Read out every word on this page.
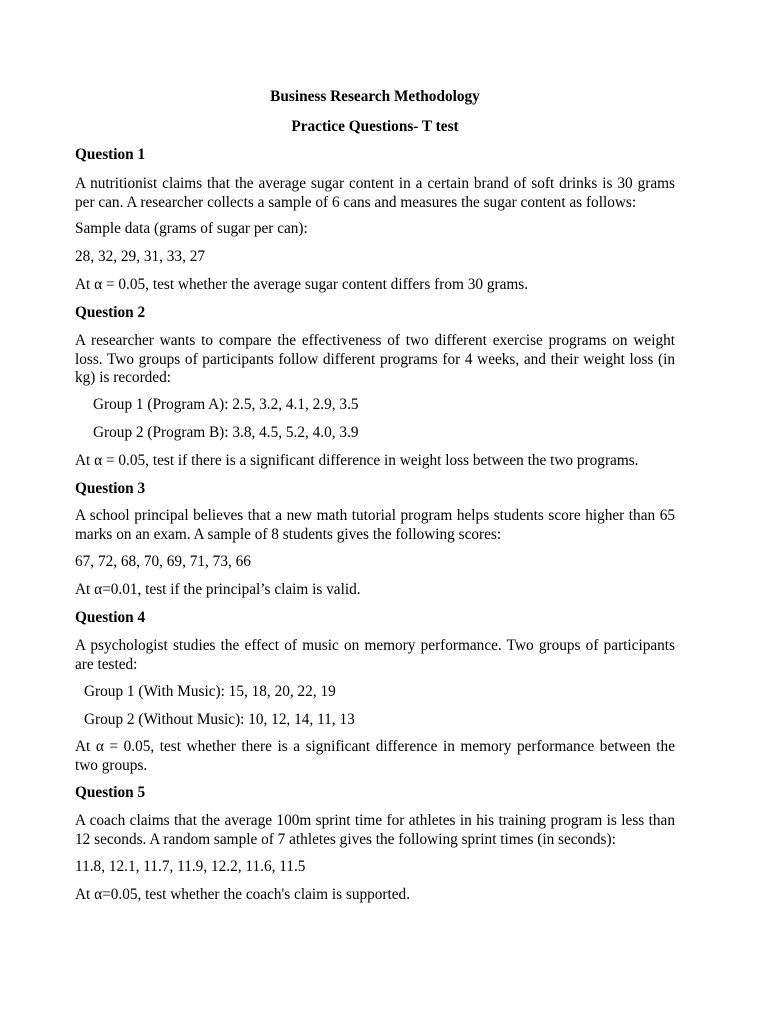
Business Research Methodology

Practice Questions- T test

Question 1

A nutritionist claims that the average sugar content in a certain brand of soft drinks is 30 grams per can. A researcher collects a sample of 6 cans and measures the sugar content as follows:

Sample data (grams of sugar per can):

28, 32, 29, 31, 33, 27

At α = 0.05, test whether the average sugar content differs from 30 grams.

Question 2

A researcher wants to compare the effectiveness of two different exercise programs on weight loss. Two groups of participants follow different programs for 4 weeks, and their weight loss (in kg) is recorded:

Group 1 (Program A): 2.5, 3.2, 4.1, 2.9, 3.5

Group 2 (Program B): 3.8, 4.5, 5.2, 4.0, 3.9

At α = 0.05, test if there is a significant difference in weight loss between the two programs.

Question 3

A school principal believes that a new math tutorial program helps students score higher than 65 marks on an exam. A sample of 8 students gives the following scores:

67, 72, 68, 70, 69, 71, 73, 66

At α=0.01, test if the principal’s claim is valid.

Question 4

A psychologist studies the effect of music on memory performance. Two groups of participants are tested:

Group 1 (With Music): 15, 18, 20, 22, 19

Group 2 (Without Music): 10, 12, 14, 11, 13

At α = 0.05, test whether there is a significant difference in memory performance between the two groups.

Question 5

A coach claims that the average 100m sprint time for athletes in his training program is less than 12 seconds. A random sample of 7 athletes gives the following sprint times (in seconds):

11.8, 12.1, 11.7, 11.9, 12.2, 11.6, 11.5

At α=0.05, test whether the coach's claim is supported.
